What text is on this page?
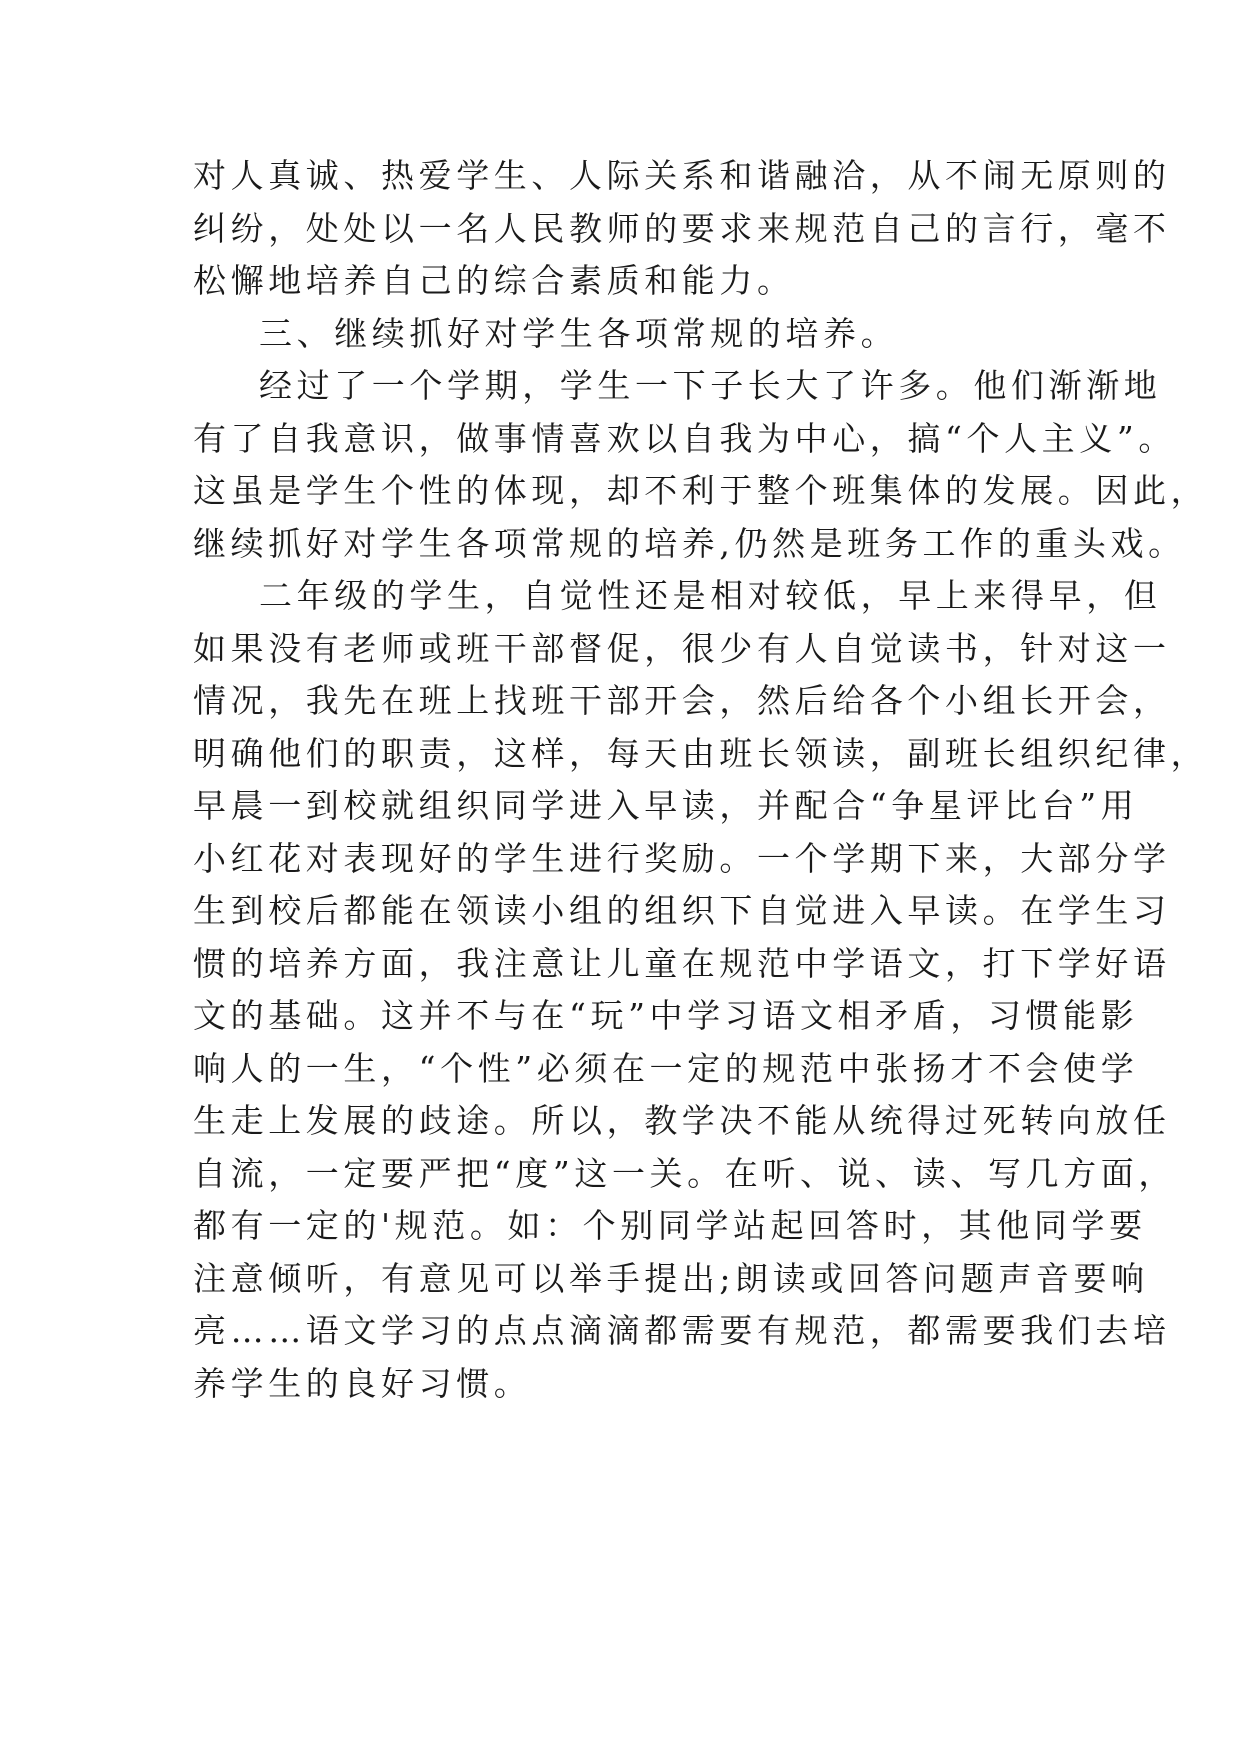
对人真诚、热爱学生、人际关系和谐融洽，从不闹无原则的
纠纷，处处以一名人民教师的要求来规范自己的言行，毫不
松懈地培养自己的综合素质和能力。
三、继续抓好对学生各项常规的培养。
经过了一个学期，学生一下子长大了许多。他们渐渐地
有了自我意识，做事情喜欢以自我为中心，搞“个人主义”。
这虽是学生个性的体现，却不利于整个班集体的发展。因此，
继续抓好对学生各项常规的培养,仍然是班务工作的重头戏。
二年级的学生，自觉性还是相对较低，早上来得早，但
如果没有老师或班干部督促，很少有人自觉读书，针对这一
情况，我先在班上找班干部开会，然后给各个小组长开会，
明确他们的职责，这样，每天由班长领读，副班长组织纪律，
早晨一到校就组织同学进入早读，并配合“争星评比台”用
小红花对表现好的学生进行奖励。一个学期下来，大部分学
生到校后都能在领读小组的组织下自觉进入早读。在学生习
惯的培养方面，我注意让儿童在规范中学语文，打下学好语
文的基础。这并不与在“玩”中学习语文相矛盾，习惯能影
响人的一生，“个性”必须在一定的规范中张扬才不会使学
生走上发展的歧途。所以，教学决不能从统得过死转向放任
自流，一定要严把“度”这一关。在听、说、读、写几方面，
都有一定的'规范。如：个别同学站起回答时，其他同学要
注意倾听，有意见可以举手提出;朗读或回答问题声音要响
亮……语文学习的点点滴滴都需要有规范，都需要我们去培
养学生的良好习惯。
